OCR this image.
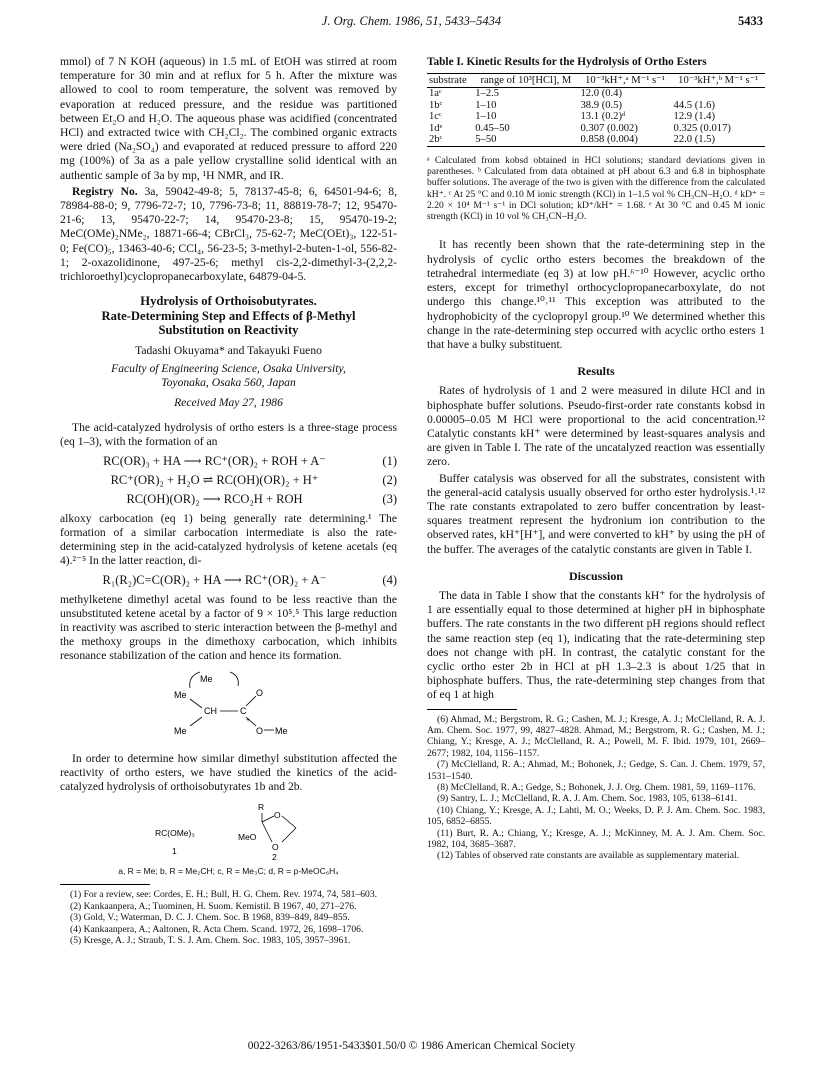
J. Org. Chem. 1986, 51, 5433–5434	5433

mmol) of 7 N KOH (aqueous) in 1.5 mL of EtOH was stirred at room temperature for 30 min and at reflux for 5 h. After the mixture was allowed to cool to room temperature, the solvent was removed by evaporation at reduced pressure, and the residue was partitioned between Et₂O and H₂O. The aqueous phase was acidified (concentrated HCl) and extracted twice with CH₂Cl₂. The combined organic extracts were dried (Na₂SO₄) and evaporated at reduced pressure to afford 220 mg (100%) of 3a as a pale yellow crystalline solid identical with an authentic sample of 3a by mp, ¹H NMR, and IR.

Registry No. 3a, 59042-49-8; 5, 78137-45-8; 6, 64501-94-6; 8, 78984-88-0; 9, 7796-72-7; 10, 7796-73-8; 11, 88819-78-7; 12, 95470-21-6; 13, 95470-22-7; 14, 95470-23-8; 15, 95470-19-2; MeC(OMe)₂NMe₂, 18871-66-4; CBrCl₃, 75-62-7; MeC(OEt)₃, 122-51-0; Fe(CO)₅, 13463-40-6; CCl₄, 56-23-5; 3-methyl-2-buten-1-ol, 556-82-1; 2-oxazolidinone, 497-25-6; methyl cis-2,2-dimethyl-3-(2,2,2-trichloroethyl)cyclopropanecarboxylate, 64879-04-5.

Hydrolysis of Orthoisobutyrates.
Rate-Determining Step and Effects of β-Methyl
Substitution on Reactivity
Tadashi Okuyama* and Takayuki Fueno
Faculty of Engineering Science, Osaka University,
Toyonaka, Osaka 560, Japan
Received May 27, 1986

The acid-catalyzed hydrolysis of ortho esters is a three-stage process (eq 1–3), with the formation of an

RC(OR)₃ + HA ⟶ RC⁺(OR)₂ + ROH + A⁻	(1)
RC⁺(OR)₂ + H₂O ⇌ RC(OH)(OR)₂ + H⁺	(2)
RC(OH)(OR)₂ ⟶ RCO₂H + ROH	(3)

alkoxy carbocation (eq 1) being generally rate determining.¹ The formation of a similar carbocation intermediate is also the rate-determining step in the acid-catalyzed hydrolysis of ketene acetals (eq 4).²⁻⁵ In the latter reaction, di-

R₁(R₂)C=C(OR)₂ + HA ⟶ RC⁺(OR)₂ + A⁻	(4)

methylketene dimethyl acetal was found to be less reactive than the unsubstituted ketene acetal by a factor of 9 × 10⁵.⁵ This large reduction in reactivity was ascribed to steric interaction between the β-methyl and the methoxy groups in the dimethoxy carbocation, which inhibits resonance stabilization of the cation and hence its formation.

Me
Me
CH	C
O
Me	O Me
+

In order to determine how similar dimethyl substitution affected the reactivity of ortho esters, we have studied the kinetics of the acid-catalyzed hydrolysis of orthoisobutyrates 1b and 2b.

RC(OMe)₃
1
R
O
O
MeO
2
a, R = Me; b, R = Me₂CH; c, R = Me₃C; d, R = p-MeOC₆H₄

(1) For a review, see: Cordes, E. H.; Bull, H. G. Chem. Rev. 1974, 74, 581–603.

(2) Kankaanpera, A.; Tuominen, H. Suom. Kemistil. B 1967, 40, 271–276.

(3) Gold, V.; Waterman, D. C. J. Chem. Soc. B 1968, 839–849, 849–855.

(4) Kankaanpera, A.; Aaltonen, R. Acta Chem. Scand. 1972, 26, 1698–1706.

(5) Kresge, A. J.; Straub, T. S. J. Am. Chem. Soc. 1983, 105, 3957–3961.

Table I. Kinetic Results for the Hydrolysis of Ortho Esters
substrate	range of 10³[HCl], M	10⁻³kH⁺,ᵃ M⁻¹ s⁻¹	10⁻³kH⁺,ᵇ M⁻¹ s⁻¹
1aᶜ	1–2.5	12.0 (0.4)	
1bᶜ	1–10	38.9 (0.5)	44.5 (1.6)
1cᶜ	1–10	13.1 (0.2)ᵈ	12.9 (1.4)
1dᵉ	0.45–50	0.307 (0.002)	0.325 (0.017)
2bᶜ	5–50	0.858 (0.004)	22.0 (1.5)
ᵃ Calculated from kobsd obtained in HCl solutions; standard deviations given in parentheses. ᵇ Calculated from data obtained at pH about 6.3 and 6.8 in biphosphate buffer solutions. The average of the two is given with the difference from the calculated kH⁺. ᶜ At 25 °C and 0.10 M ionic strength (KCl) in 1–1.5 vol % CH₃CN–H₂O. ᵈ kD⁺ = 2.20 × 10⁴ M⁻¹ s⁻¹ in DCl solution; kD⁺/kH⁺ = 1.68. ᵉ At 30 °C and 0.45 M ionic strength (KCl) in 10 vol % CH₃CN–H₂O.

It has recently been shown that the rate-determining step in the hydrolysis of cyclic ortho esters becomes the breakdown of the tetrahedral intermediate (eq 3) at low pH.⁶⁻¹⁰ However, acyclic ortho esters, except for trimethyl orthocyclopropanecarboxylate, do not undergo this change.¹⁰˒¹¹ This exception was attributed to the hydrophobicity of the cyclopropyl group.¹⁰ We determined whether this change in the rate-determining step occurred with acyclic ortho esters 1 that have a bulky substituent.

Results

Rates of hydrolysis of 1 and 2 were measured in dilute HCl and in biphosphate buffer solutions. Pseudo-first-order rate constants kobsd in 0.00005–0.05 M HCl were proportional to the acid concentration.¹² Catalytic constants kH⁺ were determined by least-squares analysis and are given in Table I. The rate of the uncatalyzed reaction was essentially zero.

Buffer catalysis was observed for all the substrates, consistent with the general-acid catalysis usually observed for ortho ester hydrolysis.¹˒¹² The rate constants extrapolated to zero buffer concentration by least-squares treatment represent the hydronium ion contribution to the observed rates, kH⁺[H⁺], and were converted to kH⁺ by using the pH of the buffer. The averages of the catalytic constants are given in Table I.

Discussion

The data in Table I show that the constants kH⁺ for the hydrolysis of 1 are essentially equal to those determined at higher pH in biphosphate buffers. The rate constants in the two different pH regions should reflect the same reaction step (eq 1), indicating that the rate-determining step does not change with pH. In contrast, the catalytic constant for the cyclic ortho ester 2b in HCl at pH 1.3–2.3 is about 1/25 that in biphosphate buffers. Thus, the rate-determining step changes from that of eq 1 at high

(6) Ahmad, M.; Bergstrom, R. G.; Cashen, M. J.; Kresge, A. J.; McClelland, R. A. J. Am. Chem. Soc. 1977, 99, 4827–4828. Ahmad, M.; Bergstrom, R. G.; Cashen, M. J.; Chiang, Y.; Kresge, A. J.; McClelland, R. A.; Powell, M. F. Ibid. 1979, 101, 2669–2677; 1982, 104, 1156–1157.

(7) McClelland, R. A.; Ahmad, M.; Bohonek, J.; Gedge, S. Can. J. Chem. 1979, 57, 1531–1540.

(8) McClelland, R. A.; Gedge, S.; Bohonek, J. J. Org. Chem. 1981, 59, 1169–1176.

(9) Santry, L. J.; McClelland, R. A. J. Am. Chem. Soc. 1983, 105, 6138–6141.

(10) Chiang, Y.; Kresge, A. J.; Lahti, M. O.; Weeks, D. P. J. Am. Chem. Soc. 1983, 105, 6852–6855.

(11) Burt, R. A.; Chiang, Y.; Kresge, A. J.; McKinney, M. A. J. Am. Chem. Soc. 1982, 104, 3685–3687.

(12) Tables of observed rate constants are available as supplementary material.

0022-3263/86/1951-5433$01.50/0 © 1986 American Chemical Society
